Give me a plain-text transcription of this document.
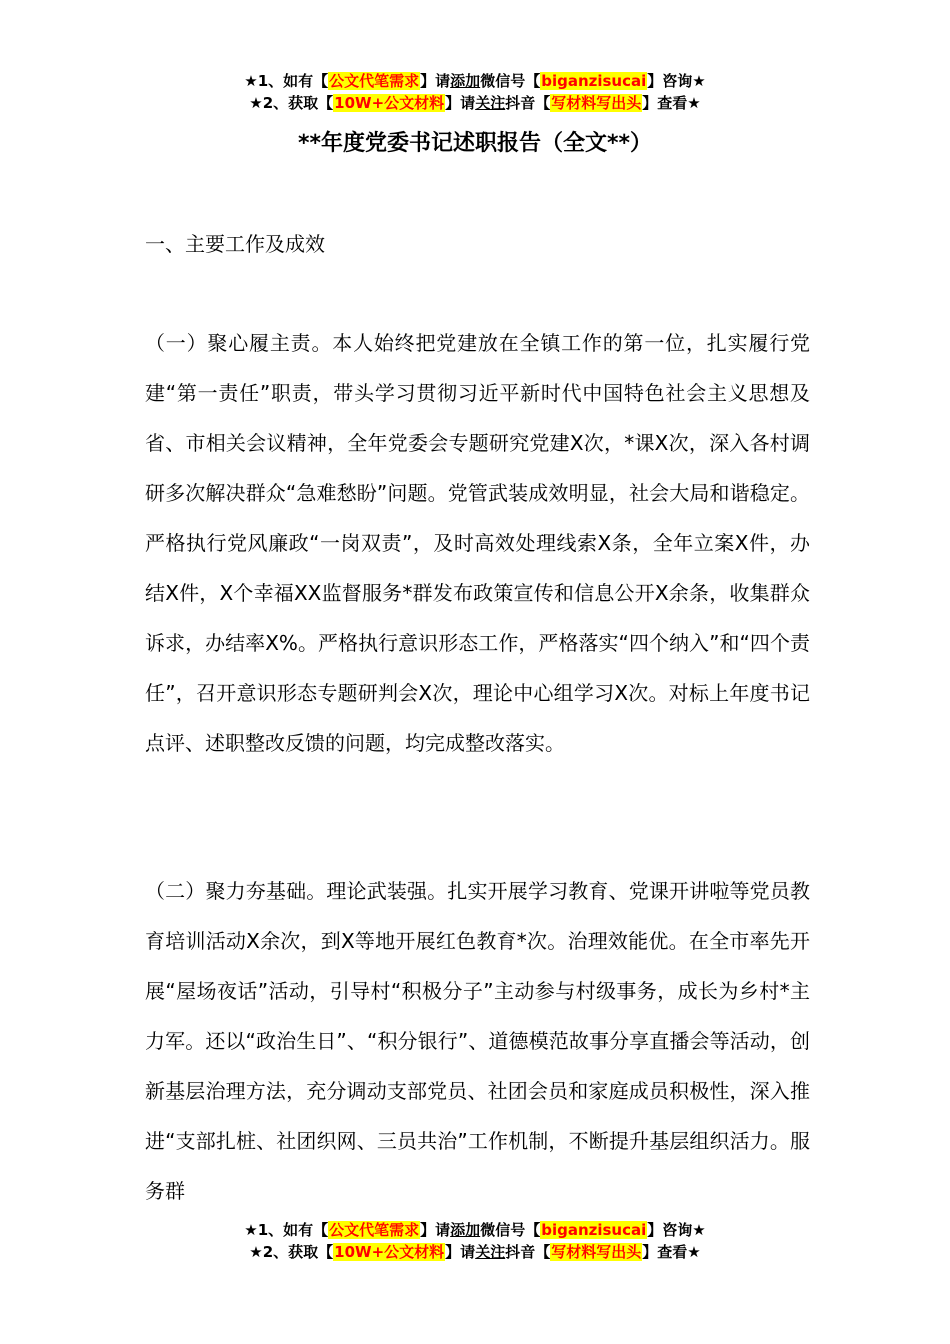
★1、如有【公文代笔需求】请添加微信号【biganzisucai】咨询★
★2、获取【10W+公文材料】请关注抖音【写材料写出头】查看★
**年度党委书记述职报告（全文**）
一、主要工作及成效
（一）聚心履主责。本人始终把党建放在全镇工作的第一位，扎实履行党建“第一责任”职责，带头学习贯彻习近平新时代中国特色社会主义思想及省、市相关会议精神，全年党委会专题研究党建X次，*课X次，深入各村调研多次解决群众“急难愁盼”问题。党管武装成效明显，社会大局和谐稳定。严格执行党风廉政“一岗双责”，及时高效处理线索X条，全年立案X件，办结X件，X个幸福XX监督服务*群发布政策宣传和信息公开X余条，收集群众诉求，办结率X%。严格执行意识形态工作，严格落实“四个纳入”和“四个责任”，召开意识形态专题研判会X次，理论中心组学习X次。对标上年度书记点评、述职整改反馈的问题，均完成整改落实。
（二）聚力夯基础。理论武装强。扎实开展学习教育、党课开讲啦等党员教育培训活动X余次，到X等地开展红色教育*次。治理效能优。在全市率先开展“屋场夜话”活动，引导村“积极分子”主动参与村级事务，成长为乡村*主力军。还以“政治生日”、“积分银行”、道德模范故事分享直播会等活动，创新基层治理方法，充分调动支部党员、社团会员和家庭成员积极性，深入推进“支部扎桩、社团织网、三员共治”工作机制，不断提升基层组织活力。服务群
★1、如有【公文代笔需求】请添加微信号【biganzisucai】咨询★
★2、获取【10W+公文材料】请关注抖音【写材料写出头】查看★
